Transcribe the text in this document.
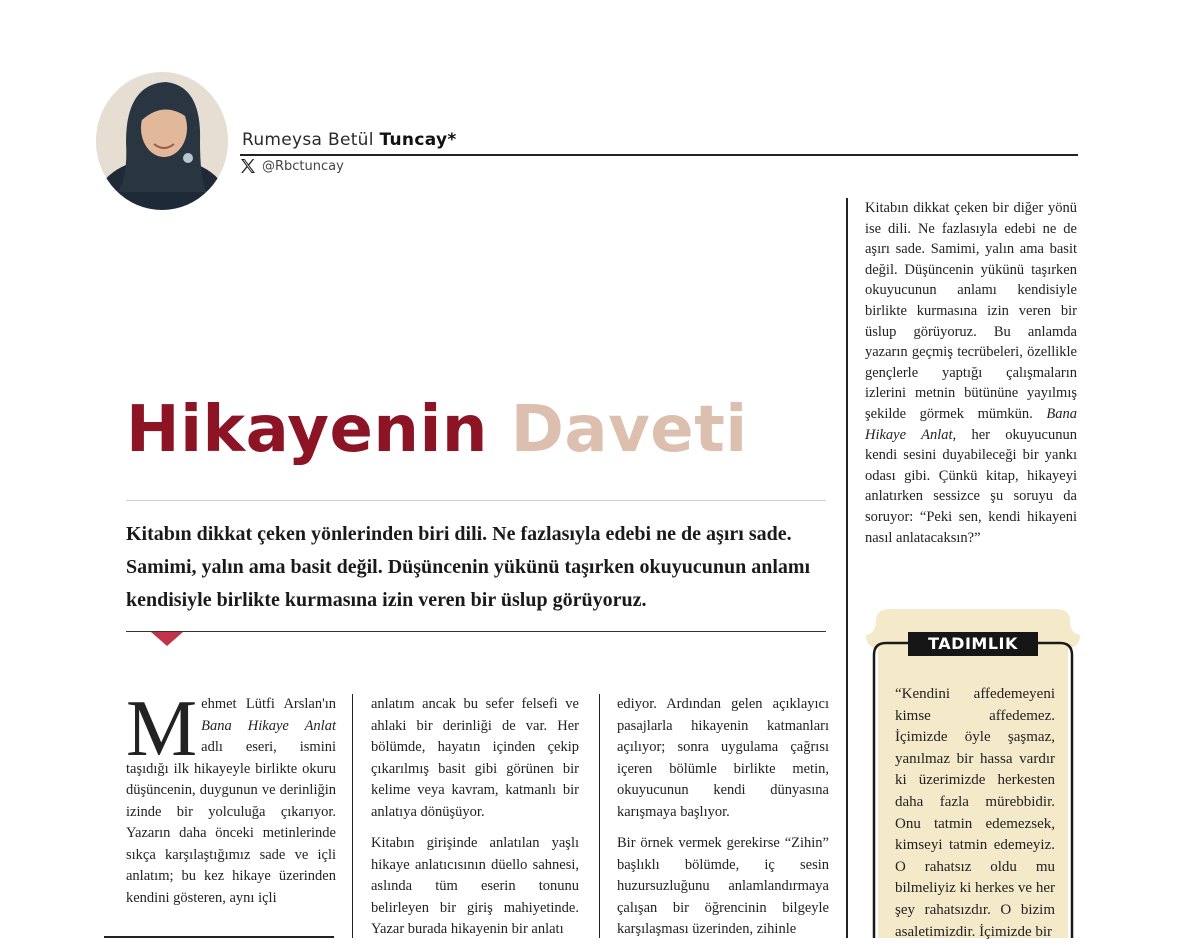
Rumeysa Betül Tuncay*
@Rbctuncay
Hikayenin Daveti
Kitabın dikkat çeken yönlerinden biri dili. Ne fazlasıyla edebi ne de aşırı sade. Samimi, yalın ama basit değil. Düşüncenin yükünü taşırken okuyucunun anlamı kendisiyle birlikte kurmasına izin veren bir üslup görüyoruz.

Mehmet Lütfi Arslan'ın Bana Hikaye Anlat adlı eseri, ismini taşıdığı ilk hikayeyle birlikte okuru düşüncenin, duygunun ve derinliğin izinde bir yolculuğa çıkarıyor. Yazarın daha önceki metinlerinde sıkça karşılaştığımız sade ve içli anlatım; bu kez hikaye üzerinden kendini gösteren, aynı içli

anlatım ancak bu sefer felsefi ve ahlaki bir derinliği de var. Her bölümde, hayatın içinden çekip çıkarılmış basit gibi görünen bir kelime veya kavram, katmanlı bir anlatıya dönüşüyor.

Kitabın girişinde anlatılan yaşlı hikaye anlatıcısının düello sahnesi, aslında tüm eserin tonunu belirleyen bir giriş mahiyetinde. Yazar burada hikayenin bir anlatı

ediyor. Ardından gelen açıklayıcı pasajlarla hikayenin katmanları açılıyor; sonra uygulama çağrısı içeren bölümle birlikte metin, okuyucunun kendi dünyasına karışmaya başlıyor.

Bir örnek vermek gerekirse “Zihin” başlıklı bölümde, iç sesin huzursuzluğunu anlamlandırmaya çalışan bir öğrencinin bilgeyle karşılaşması üzerinden, zihinle

Kitabın dikkat çeken bir diğer yönü ise dili. Ne fazlasıyla edebi ne de aşırı sade. Samimi, yalın ama basit değil. Düşüncenin yükünü taşırken okuyucunun anlamı kendisiyle birlikte kurmasına izin veren bir üslup görüyoruz. Bu anlamda yazarın geçmiş tecrübeleri, özellikle gençlerle yaptığı çalışmaların izlerini metnin bütününe yayılmış şekilde görmek mümkün. Bana Hikaye Anlat, her okuyucunun kendi sesini duyabileceği bir yankı odası gibi. Çünkü kitap, hikayeyi anlatırken sessizce şu soruyu da soruyor: “Peki sen, kendi hikayeni nasıl anlatacaksın?”

TADIMLIK

“Kendini affedemeyeni kimse affedemez. İçimizde öyle şaşmaz, yanılmaz bir hassa vardır ki üzerimizde herkesten daha fazla mürebbidir. Onu tatmin edemezsek, kimseyi tatmin edemeyiz. O rahatsız oldu mu bilmeliyiz ki herkes ve her şey rahatsızdır. O bizim asaletimizdir. İçimizde bir
